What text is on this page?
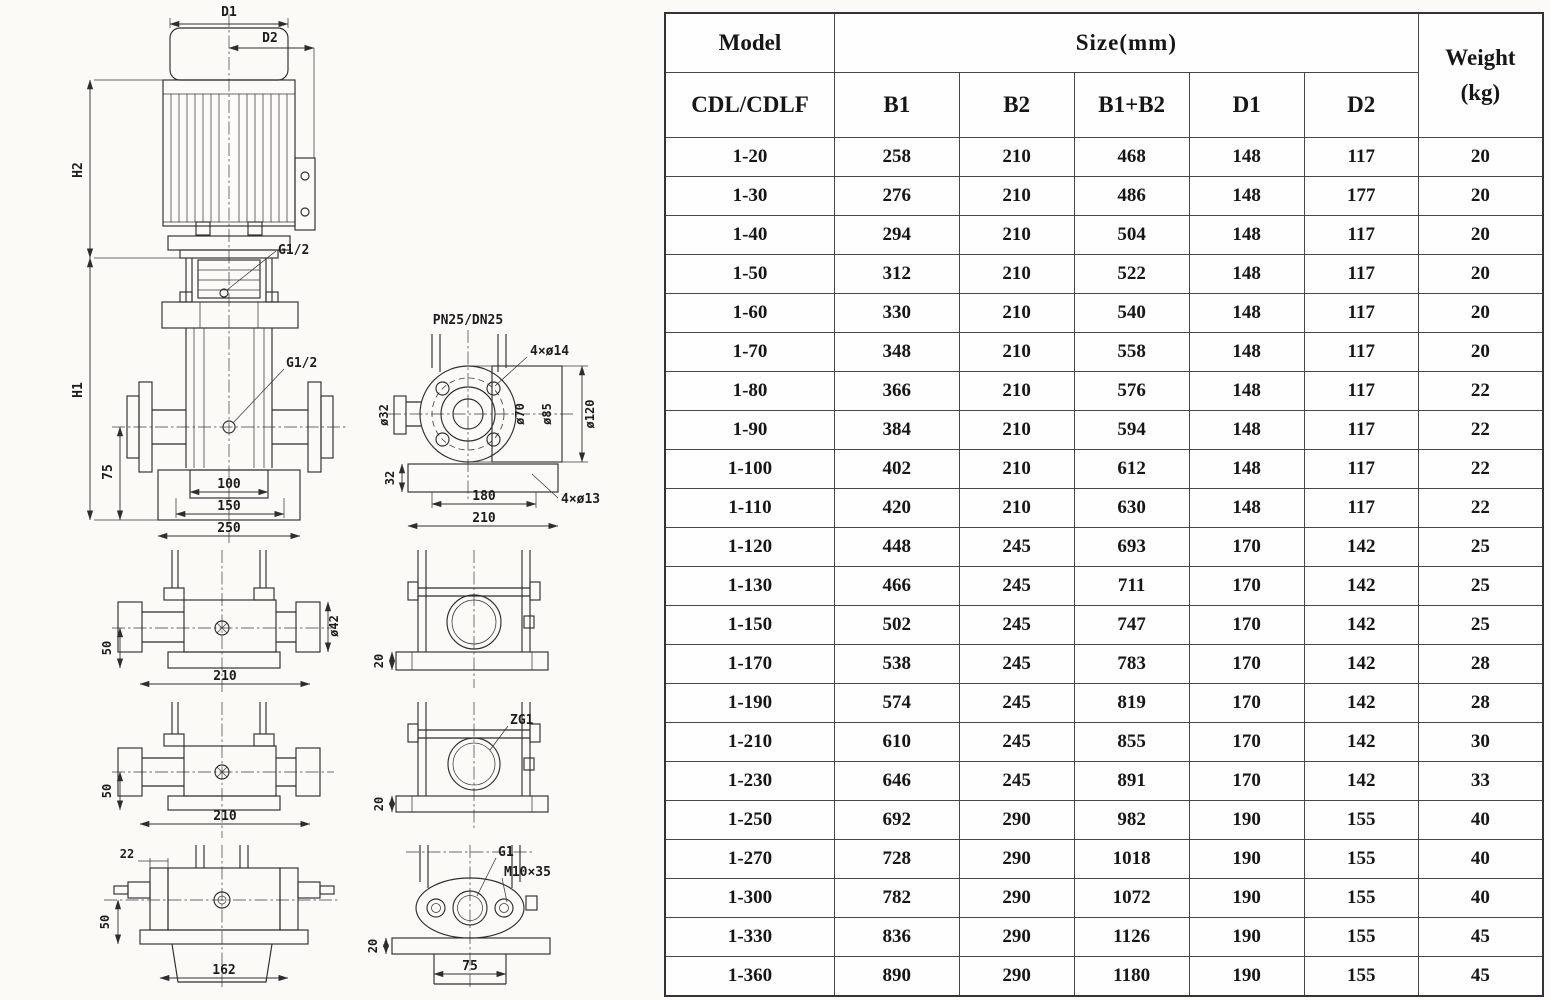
G1/2
G1/2
D1
D2
H2
H1
75
100
150
250
PN25/DN25
ø32
4×ø14
ø70 ø85 ø120
32
180
210
4×ø13
ø42
50
210
20
50
210
ZG1
20
22
50
162
G1
M10×35
20
75
Model	Size(mm)					Weight
(kg)

CDL/CDLF	B1	B2	B1+B2	D1	D2	
1-20	258	210	468	148	117	20
1-30	276	210	486	148	177	20
1-40	294	210	504	148	117	20
1-50	312	210	522	148	117	20
1-60	330	210	540	148	117	20
1-70	348	210	558	148	117	20
1-80	366	210	576	148	117	22
1-90	384	210	594	148	117	22
1-100	402	210	612	148	117	22
1-110	420	210	630	148	117	22
1-120	448	245	693	170	142	25
1-130	466	245	711	170	142	25
1-150	502	245	747	170	142	25
1-170	538	245	783	170	142	28
1-190	574	245	819	170	142	28
1-210	610	245	855	170	142	30
1-230	646	245	891	170	142	33
1-250	692	290	982	190	155	40
1-270	728	290	1018	190	155	40
1-300	782	290	1072	190	155	40
1-330	836	290	1126	190	155	45
1-360	890	290	1180	190	155	45
